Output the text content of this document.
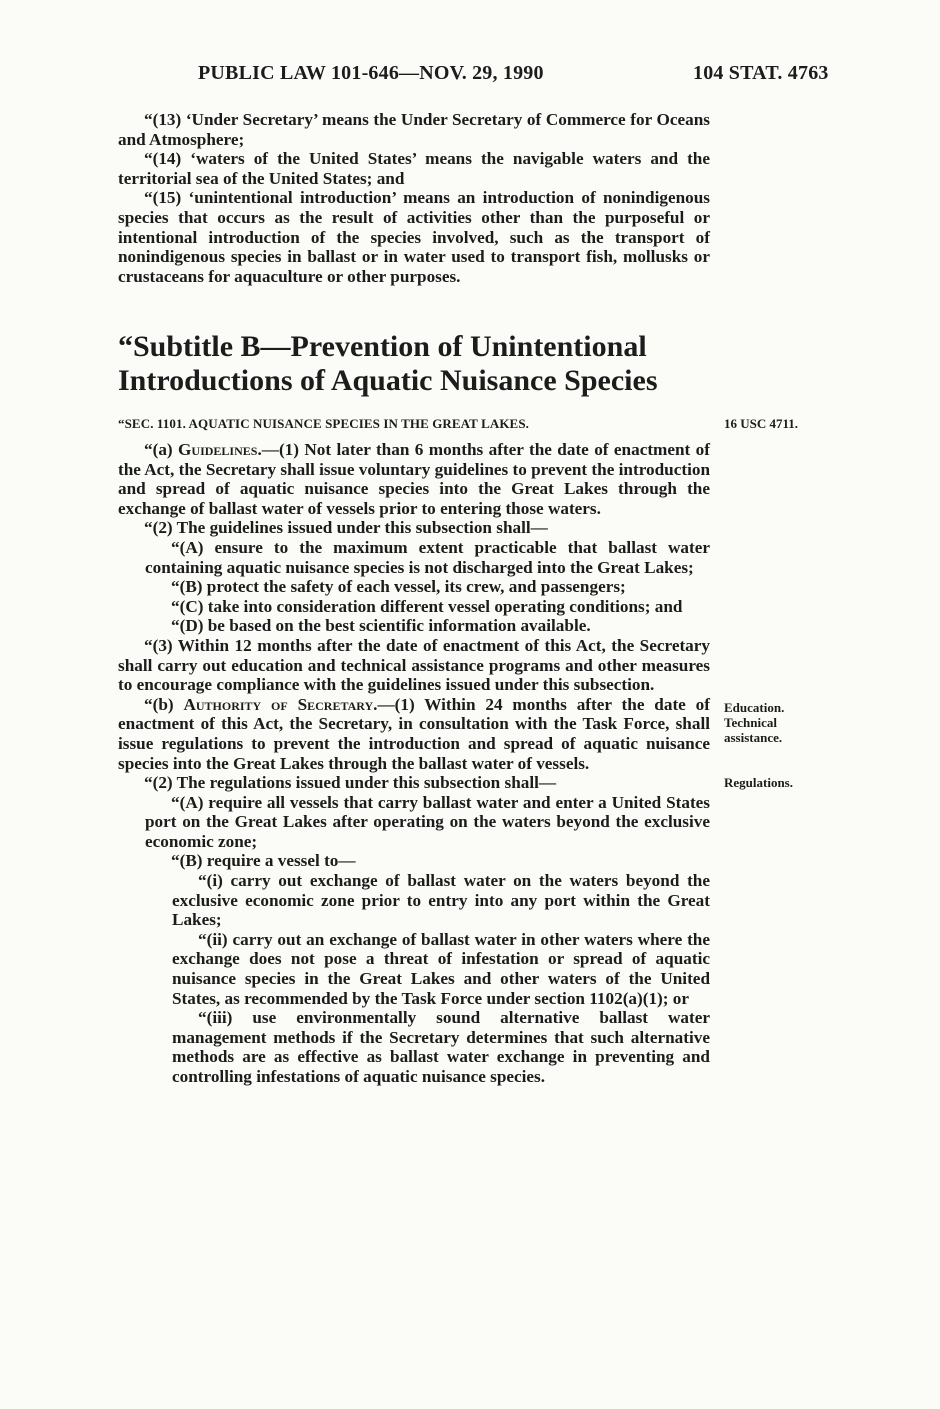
PUBLIC LAW 101-646—NOV. 29, 1990	104 STAT. 4763

“(13) ‘Under Secretary’ means the Under Secretary of Commerce for Oceans and Atmosphere;

“(14) ‘waters of the United States’ means the navigable waters and the territorial sea of the United States; and

“(15) ‘unintentional introduction’ means an introduction of nonindigenous species that occurs as the result of activities other than the purposeful or intentional introduction of the species involved, such as the transport of nonindigenous species in ballast or in water used to transport fish, mollusks or crustaceans for aquaculture or other purposes.

“Subtitle B—Prevention of Unintentional
Introductions of Aquatic Nuisance Species
“SEC. 1101. AQUATIC NUISANCE SPECIES IN THE GREAT LAKES.	16 USC 4711.

“(a) Guidelines.—(1) Not later than 6 months after the date of enactment of the Act, the Secretary shall issue voluntary guidelines to prevent the introduction and spread of aquatic nuisance species into the Great Lakes through the exchange of ballast water of vessels prior to entering those waters.

“(2) The guidelines issued under this subsection shall—

“(A) ensure to the maximum extent practicable that ballast water containing aquatic nuisance species is not discharged into the Great Lakes;

“(B) protect the safety of each vessel, its crew, and passengers;

“(C) take into consideration different vessel operating conditions; and

“(D) be based on the best scientific information available.

“(3) Within 12 months after the date of enactment of this Act, the Secretary shall carry out education and technical assistance programs and other measures to encourage compliance with the guidelines issued under this subsection.

“(b) Authority of Secretary.—(1) Within 24 months after the date of enactment of this Act, the Secretary, in consultation with the Task Force, shall issue regulations to prevent the introduction and spread of aquatic nuisance species into the Great Lakes through the ballast water of vessels.

“(2) The regulations issued under this subsection shall—

“(A) require all vessels that carry ballast water and enter a United States port on the Great Lakes after operating on the waters beyond the exclusive economic zone;

“(B) require a vessel to—

“(i) carry out exchange of ballast water on the waters beyond the exclusive economic zone prior to entry into any port within the Great Lakes;

“(ii) carry out an exchange of ballast water in other waters where the exchange does not pose a threat of infestation or spread of aquatic nuisance species in the Great Lakes and other waters of the United States, as recommended by the Task Force under section 1102(a)(1); or

“(iii) use environmentally sound alternative ballast water management methods if the Secretary determines that such alternative methods are as effective as ballast water exchange in preventing and controlling infestations of aquatic nuisance species.

Education.
Technical assistance.
Regulations.
